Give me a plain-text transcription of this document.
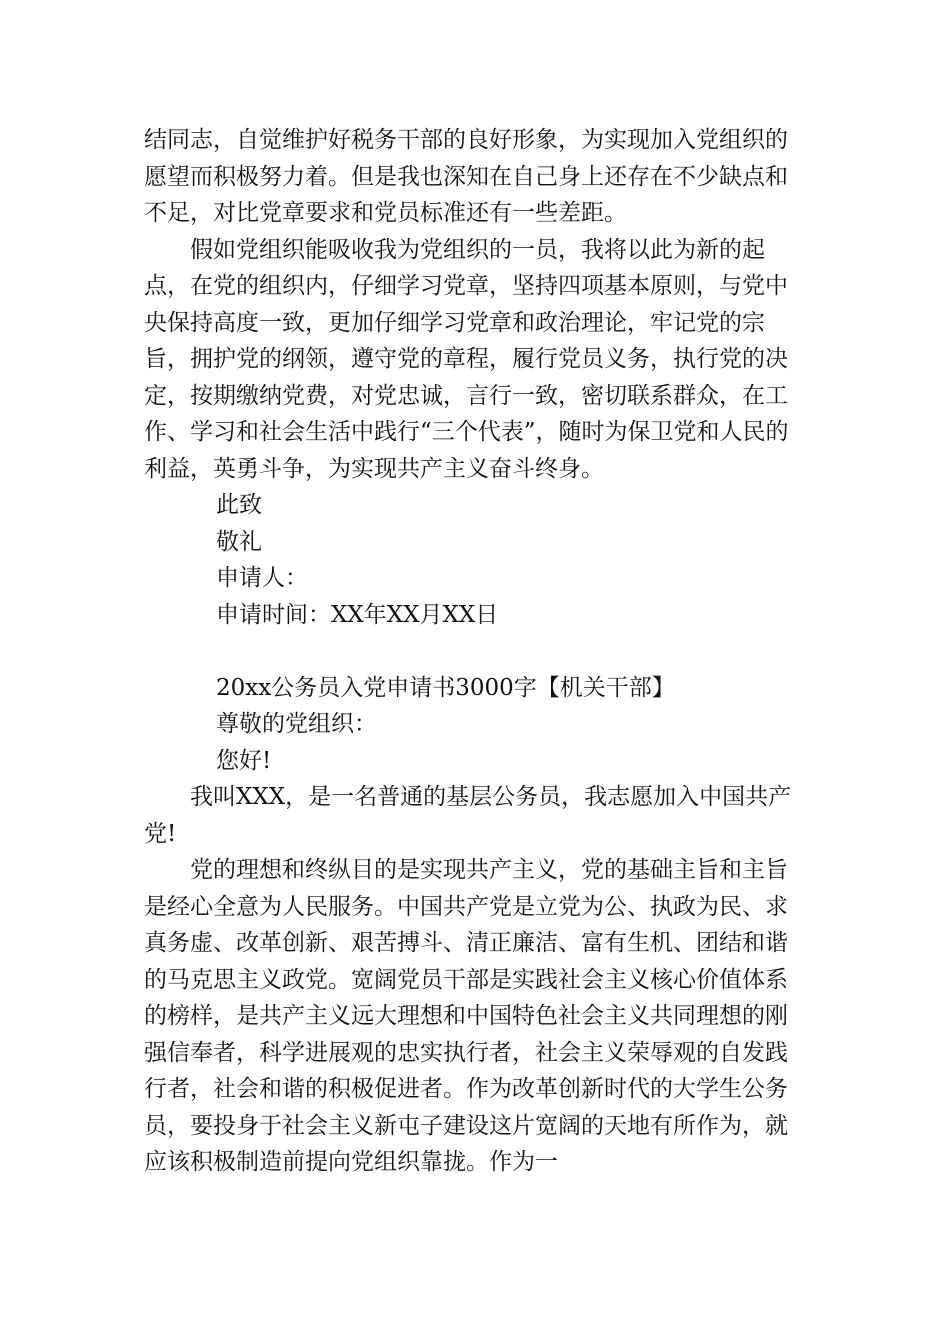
结同志，自觉维护好税务干部的良好形象，为实现加入党组织的愿望而积极努力着。但是我也深知在自己身上还存在不少缺点和不足，对比党章要求和党员标准还有一些差距。

假如党组织能吸收我为党组织的一员，我将以此为新的起点，在党的组织内，仔细学习党章，坚持四项基本原则，与党中央保持高度一致，更加仔细学习党章和政治理论，牢记党的宗旨，拥护党的纲领，遵守党的章程，履行党员义务，执行党的决定，按期缴纳党费，对党忠诚，言行一致，密切联系群众，在工作、学习和社会生活中践行“三个代表”，随时为保卫党和人民的利益，英勇斗争，为实现共产主义奋斗终身。

此致

敬礼

申请人：

申请时间：XX年XX月XX日

20xx公务员入党申请书3000字【机关干部】

尊敬的党组织：

您好!

我叫XXX，是一名普通的基层公务员，我志愿加入中国共产党!

党的理想和终纵目的是实现共产主义，党的基础主旨和主旨是经心全意为人民服务。中国共产党是立党为公、执政为民、求真务虚、改革创新、艰苦搏斗、清正廉洁、富有生机、团结和谐的马克思主义政党。宽阔党员干部是实践社会主义核心价值体系的榜样，是共产主义远大理想和中国特色社会主义共同理想的刚强信奉者，科学进展观的忠实执行者，社会主义荣辱观的自发践行者，社会和谐的积极促进者。作为改革创新时代的大学生公务员，要投身于社会主义新屯子建设这片宽阔的天地有所作为，就应该积极制造前提向党组织靠拢。作为一
